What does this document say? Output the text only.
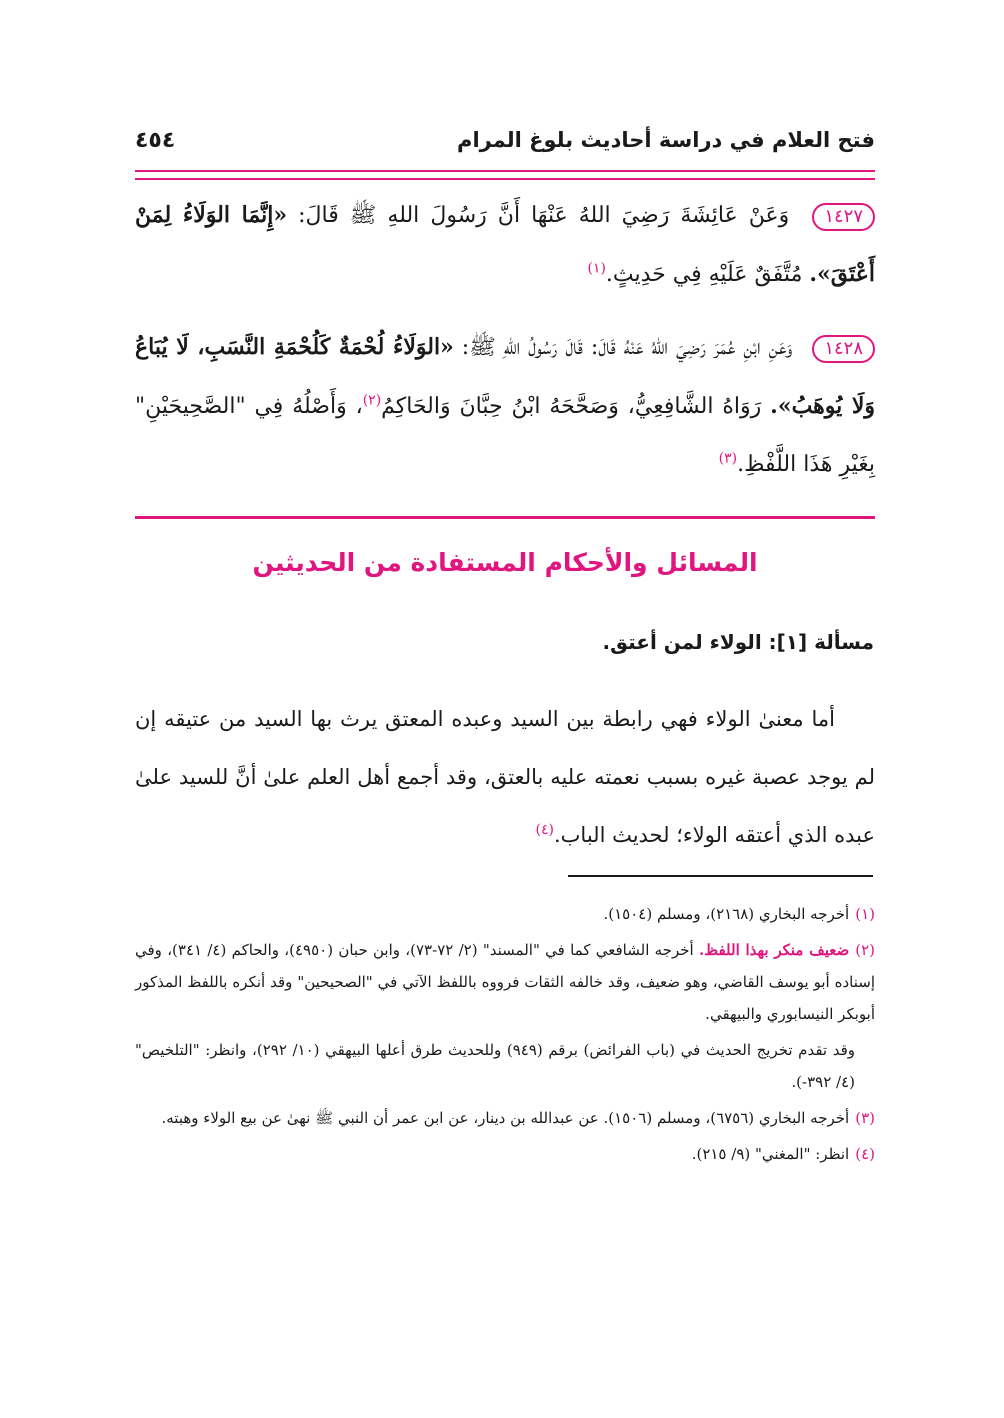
فتح العلام في دراسة أحاديث بلوغ المرام
٤٥٤
١٤٢٧ وَعَنْ عَائِشَةَ رَضِيَ اللهُ عَنْهَا أَنَّ رَسُولَ اللهِ ﷺ قَالَ: «إِنَّمَا الوَلَاءُ لِمَنْ أَعْتَقَ». مُتَّفَقٌ عَلَيْهِ فِي حَدِيثٍ.$^{(١)}$
١٤٢٨ وَعَنِ ابْنِ عُمَرَ رَضِيَ اللهُ عَنْهُ قَالَ: قَالَ رَسُولُ اللهِ ﷺ: «الوَلَاءُ لُحْمَةٌ كَلُحْمَةِ النَّسَبِ، لَا يُبَاعُ وَلَا يُوهَبُ». رَوَاهُ الشَّافِعِيُّ، وَصَحَّحَهُ ابْنُ حِبَّانَ وَالحَاكِمُ$^{(٢)}$، وَأَصْلُهُ فِي "الصَّحِيحَيْنِ" بِغَيْرِ هَذَا اللَّفْظِ.$^{(٣)}$
المسائل والأحكام المستفادة من الحديثين
مسألة [١]: الولاء لمن أعتق.
أما معنىٰ الولاء فهي رابطة بين السيد وعبده المعتق يرث بها السيد من عتيقه إن لم يوجد عصبة غيره بسبب نعمته عليه بالعتق، وقد أجمع أهل العلم علىٰ أنَّ للسيد علىٰ عبده الذي أعتقه الولاء؛ لحديث الباب.$^{(٤)}$
(١)أخرجه البخاري (٢١٦٨)، ومسلم (١٥٠٤).
(٢)ضعيف منكر بهذا اللفظ. أخرجه الشافعي كما في "المسند" (٢/ ٧٢-٧٣)، وابن حبان (٤٩٥٠)، والحاكم (٤/ ٣٤١)، وفي إسناده أبو يوسف القاضي، وهو ضعيف، وقد خالفه الثقات فرووه باللفظ الآتي في "الصحيحين" وقد أنكره باللفظ المذكور أبوبكر النيسابوري والبيهقي.
وقد تقدم تخريج الحديث في (باب الفرائض) برقم (٩٤٩) وللحديث طرق أعلها البيهقي (١٠/ ٢٩٢)، وانظر: "التلخيص" (٤/ ٣٩٢-).
(٣)أخرجه البخاري (٦٧٥٦)، ومسلم (١٥٠٦). عن عبدالله بن دينار، عن ابن عمر أن النبي ﷺ نهىٰ عن بيع الولاء وهبته.
(٤)انظر: "المغني" (٩/ ٢١٥).
